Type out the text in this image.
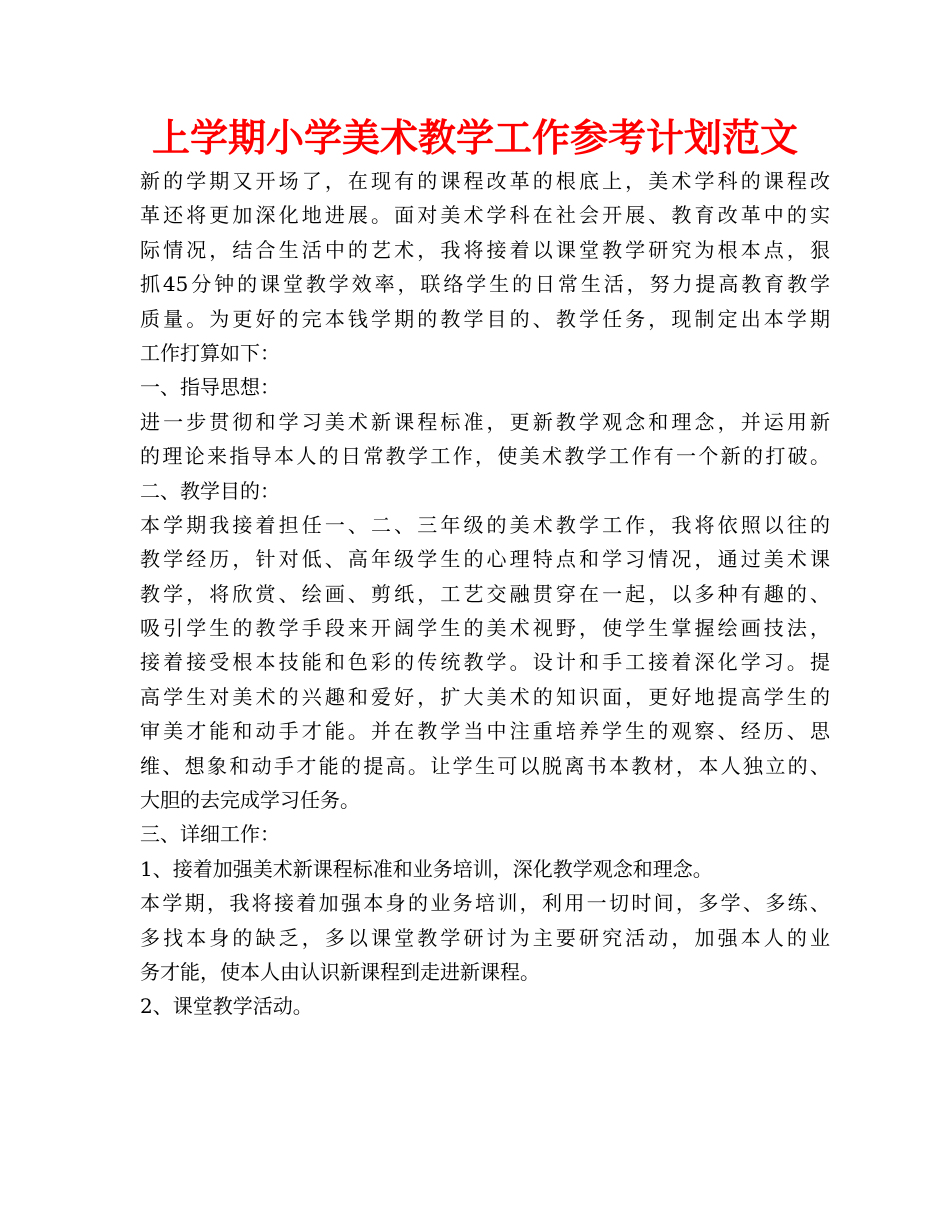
上学期小学美术教学工作参考计划范文
新的学期又开场了，在现有的课程改革的根底上，美术学科的课程改
革还将更加深化地进展。面对美术学科在社会开展、教育改革中的实
际情况，结合生活中的艺术，我将接着以课堂教学研究为根本点，狠
抓45分钟的课堂教学效率，联络学生的日常生活，努力提高教育教学
质量。为更好的完本钱学期的教学目的、教学任务，现制定出本学期
工作打算如下：
一、指导思想：
进一步贯彻和学习美术新课程标准，更新教学观念和理念，并运用新
的理论来指导本人的日常教学工作，使美术教学工作有一个新的打破。
二、教学目的：
本学期我接着担任一、二、三年级的美术教学工作，我将依照以往的
教学经历，针对低、高年级学生的心理特点和学习情况，通过美术课
教学，将欣赏、绘画、剪纸，工艺交融贯穿在一起，以多种有趣的、
吸引学生的教学手段来开阔学生的美术视野，使学生掌握绘画技法，
接着接受根本技能和色彩的传统教学。设计和手工接着深化学习。提
高学生对美术的兴趣和爱好，扩大美术的知识面，更好地提高学生的
审美才能和动手才能。并在教学当中注重培养学生的观察、经历、思
维、想象和动手才能的提高。让学生可以脱离书本教材，本人独立的、
大胆的去完成学习任务。
三、详细工作：
1、接着加强美术新课程标准和业务培训，深化教学观念和理念。
本学期，我将接着加强本身的业务培训，利用一切时间，多学、多练、
多找本身的缺乏，多以课堂教学研讨为主要研究活动，加强本人的业
务才能，使本人由认识新课程到走进新课程。
2、课堂教学活动。
